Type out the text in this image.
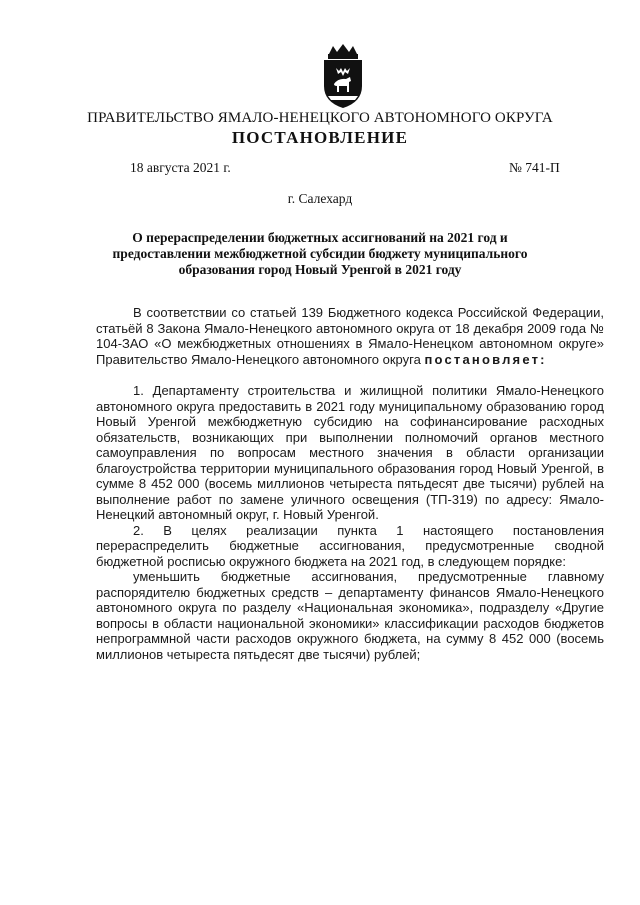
ПРАВИТЕЛЬСТВО ЯМАЛО-НЕНЕЦКОГО АВТОНОМНОГО ОКРУГА
ПОСТАНОВЛЕНИЕ
18 августа 2021 г.	№ 741-П
г. Салехард
О перераспределении бюджетных ассигнований на 2021 год и предоставлении межбюджетной субсидии бюджету муниципального образования город Новый Уренгой в 2021 году

В соответствии со статьей 139 Бюджетного кодекса Российской Федерации, статьёй 8 Закона Ямало-Ненецкого автономного округа от 18 декабря 2009 года № 104-ЗАО «О межбюджетных отношениях в Ямало-Ненецком автономном округе» Правительство Ямало-Ненецкого автономного округа постановляет:

1. Департаменту строительства и жилищной политики Ямало-Ненецкого автономного округа предоставить в 2021 году муниципальному образованию город Новый Уренгой межбюджетную субсидию на софинансирование расходных обязательств, возникающих при выполнении полномочий органов местного самоуправления по вопросам местного значения в области организации благоустройства территории муниципального образования город Новый Уренгой, в сумме 8 452 000 (восемь миллионов четыреста пятьдесят две тысячи) рублей на выполнение работ по замене уличного освещения (ТП-319) по адресу: Ямало-Ненецкий автономный округ, г. Новый Уренгой.

2. В целях реализации пункта 1 настоящего постановления перераспределить бюджетные ассигнования, предусмотренные сводной бюджетной росписью окружного бюджета на 2021 год, в следующем порядке:

уменьшить бюджетные ассигнования, предусмотренные главному распорядителю бюджетных средств – департаменту финансов Ямало-Ненецкого автономного округа по разделу «Национальная экономика», подразделу «Другие вопросы в области национальной экономики» классификации расходов бюджетов непрограммной части расходов окружного бюджета, на сумму 8 452 000 (восемь миллионов четыреста пятьдесят две тысячи) рублей;
